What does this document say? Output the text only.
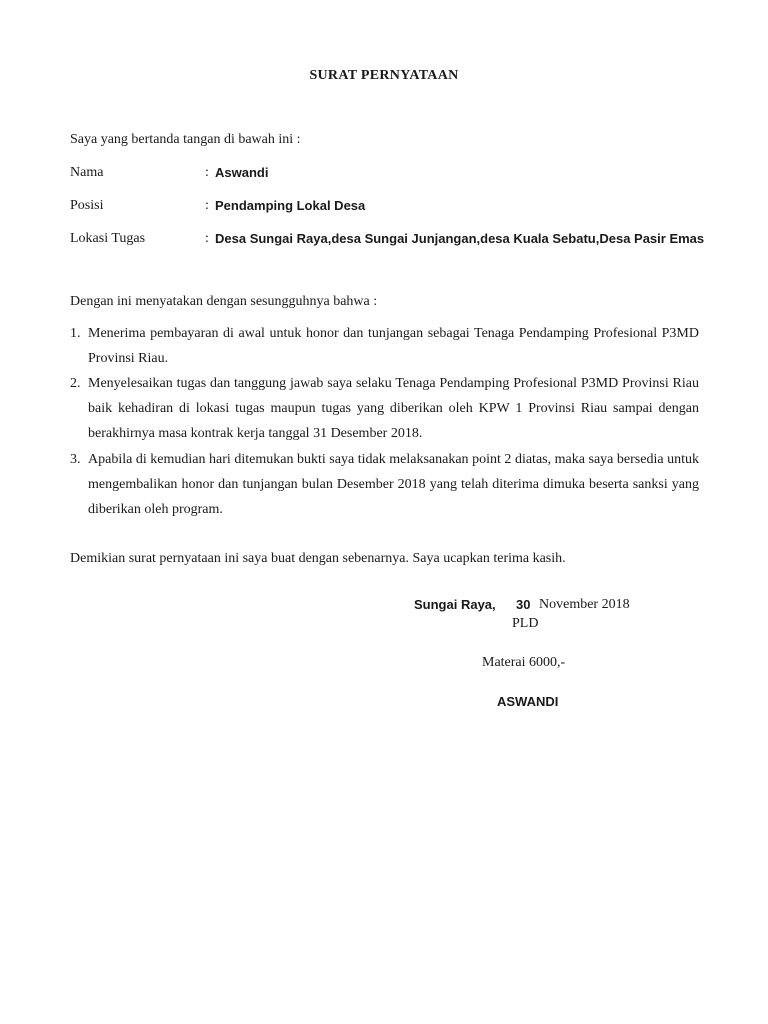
SURAT PERNYATAAN
Saya yang bertanda tangan di bawah ini :
Nama	: Aswandi
Posisi	: Pendamping Lokal Desa
Lokasi Tugas	: Desa Sungai Raya,desa Sungai Junjangan,desa Kuala Sebatu,Desa Pasir Emas
Dengan ini menyatakan dengan sesungguhnya bahwa :
1. Menerima pembayaran di awal untuk honor dan tunjangan sebagai Tenaga Pendamping Profesional P3MD Provinsi Riau.
2. Menyelesaikan tugas dan tanggung jawab saya selaku Tenaga Pendamping Profesional P3MD Provinsi Riau baik kehadiran di lokasi tugas maupun tugas yang diberikan oleh KPW 1 Provinsi Riau sampai dengan berakhirnya masa kontrak kerja tanggal 31 Desember 2018.
3. Apabila di kemudian hari ditemukan bukti saya tidak melaksanakan point 2 diatas, maka saya bersedia untuk mengembalikan honor dan tunjangan bulan Desember 2018 yang telah diterima dimuka beserta sanksi yang diberikan oleh program.
Demikian surat pernyataan ini saya buat dengan sebenarnya. Saya ucapkan terima kasih.
Sungai Raya, 30 November 2018
PLD
Materai 6000,-
ASWANDI
